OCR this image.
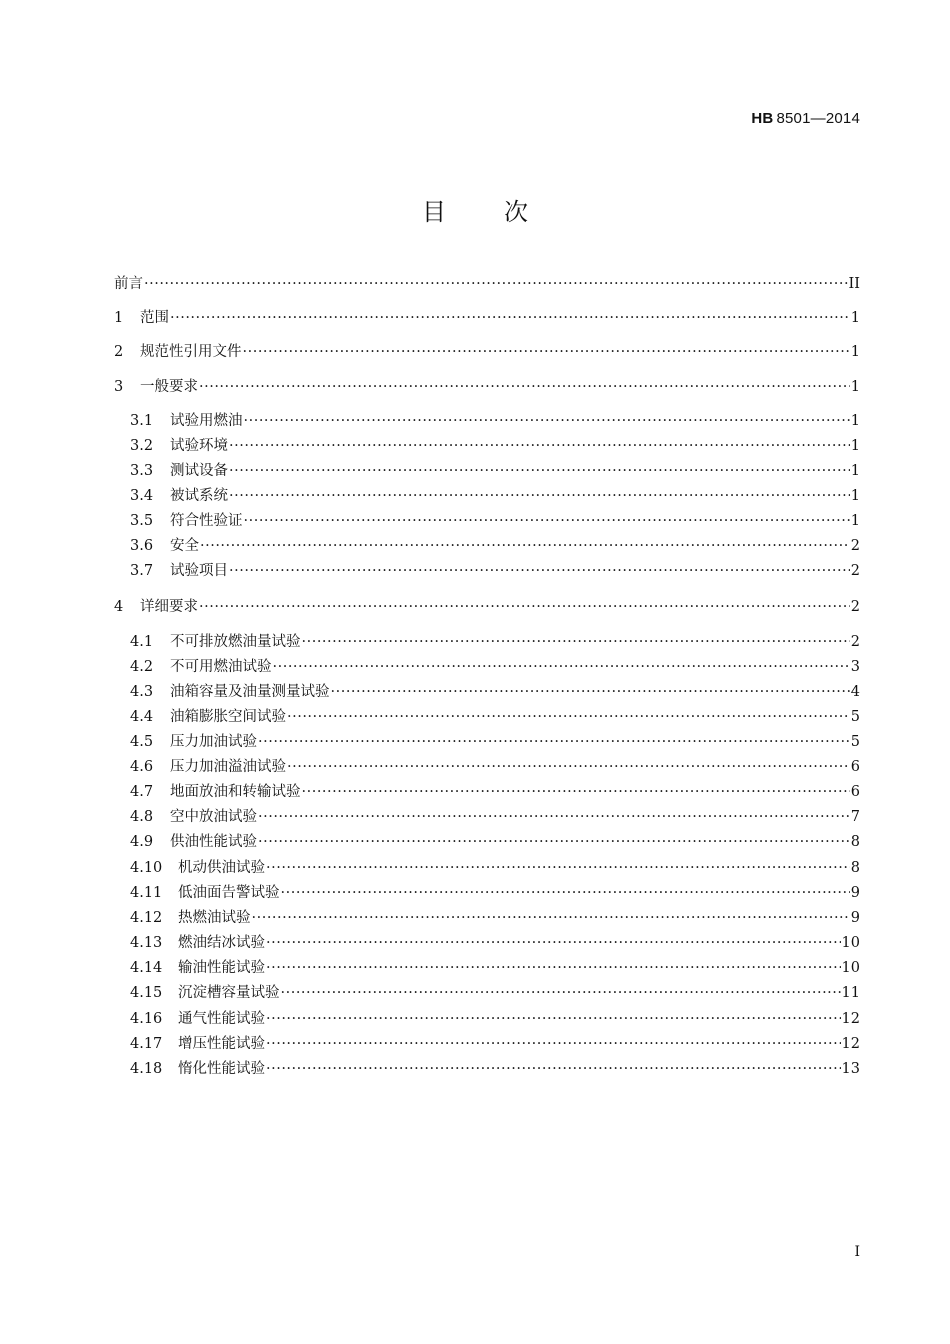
HB 8501—2014
目 次
前言 ·····	II
1	范围 ·····	1
2	规范性引用文件 ·····	1
3	一般要求 ·····	1
3.1	试验用燃油 ·····	1
3.2	试验环境 ·····	1
3.3	测试设备 ·····	1
3.4	被试系统 ·····	1
3.5	符合性验证 ·····	1
3.6	安全 ·····	2
3.7	试验项目 ·····	2
4	详细要求 ·····	2
4.1	不可排放燃油量试验 ·····	2
4.2	不可用燃油试验 ·····	3
4.3	油箱容量及油量测量试验 ·····	4
4.4	油箱膨胀空间试验 ·····	5
4.5	压力加油试验 ·····	5
4.6	压力加油溢油试验 ·····	6
4.7	地面放油和转输试验 ·····	6
4.8	空中放油试验 ·····	7
4.9	供油性能试验 ·····	8
4.10	机动供油试验 ·····	8
4.11	低油面告警试验 ·····	9
4.12	热燃油试验 ·····	9
4.13	燃油结冰试验 ·····	10
4.14	输油性能试验 ·····	10
4.15	沉淀槽容量试验 ·····	11
4.16	通气性能试验 ·····	12
4.17	增压性能试验 ·····	12
4.18	惰化性能试验 ·····	13
I
